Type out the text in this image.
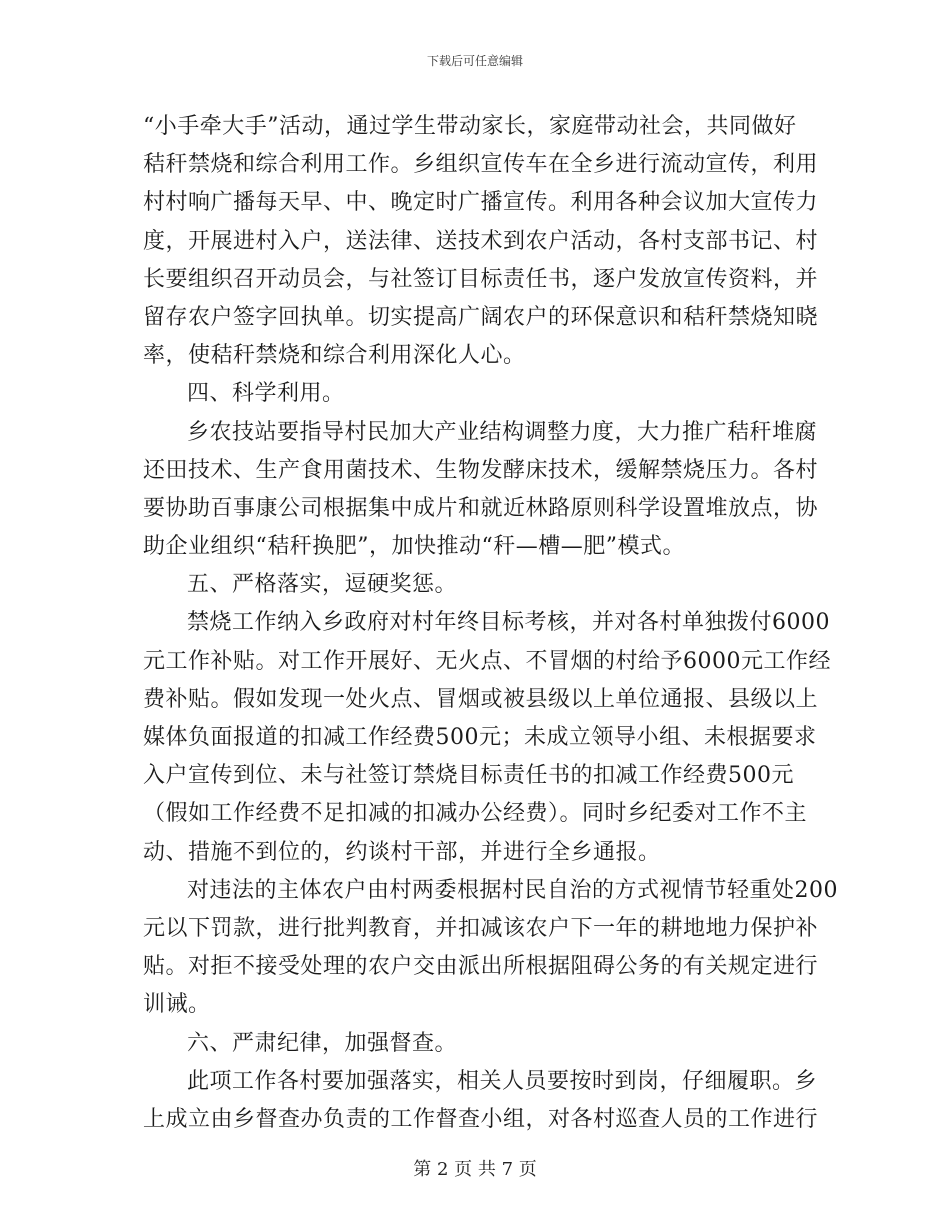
下载后可任意编辑
“小手牵大手”活动，通过学生带动家长，家庭带动社会，共同做好
秸秆禁烧和综合利用工作。乡组织宣传车在全乡进行流动宣传，利用
村村响广播每天早、中、晚定时广播宣传。利用各种会议加大宣传力
度，开展进村入户，送法律、送技术到农户活动，各村支部书记、村
长要组织召开动员会，与社签订目标责任书，逐户发放宣传资料，并
留存农户签字回执单。切实提高广阔农户的环保意识和秸秆禁烧知晓
率，使秸秆禁烧和综合利用深化人心。
四、科学利用。
乡农技站要指导村民加大产业结构调整力度，大力推广秸秆堆腐
还田技术、生产食用菌技术、生物发酵床技术，缓解禁烧压力。各村
要协助百事康公司根据集中成片和就近林路原则科学设置堆放点，协
助企业组织“秸秆换肥”，加快推动“秆—槽—肥”模式。
五、严格落实，逗硬奖惩。
禁烧工作纳入乡政府对村年终目标考核，并对各村单独拨付6000
元工作补贴。对工作开展好、无火点、不冒烟的村给予6000元工作经
费补贴。假如发现一处火点、冒烟或被县级以上单位通报、县级以上
媒体负面报道的扣减工作经费500元；未成立领导小组、未根据要求
入户宣传到位、未与社签订禁烧目标责任书的扣减工作经费500元
（假如工作经费不足扣减的扣减办公经费）。同时乡纪委对工作不主
动、措施不到位的，约谈村干部，并进行全乡通报。
对违法的主体农户由村两委根据村民自治的方式视情节轻重处200
元以下罚款，进行批判教育，并扣减该农户下一年的耕地地力保护补
贴。对拒不接受处理的农户交由派出所根据阻碍公务的有关规定进行
训诫。
六、严肃纪律，加强督查。
此项工作各村要加强落实，相关人员要按时到岗，仔细履职。乡
上成立由乡督查办负责的工作督查小组，对各村巡查人员的工作进行
第 2 页 共 7 页
